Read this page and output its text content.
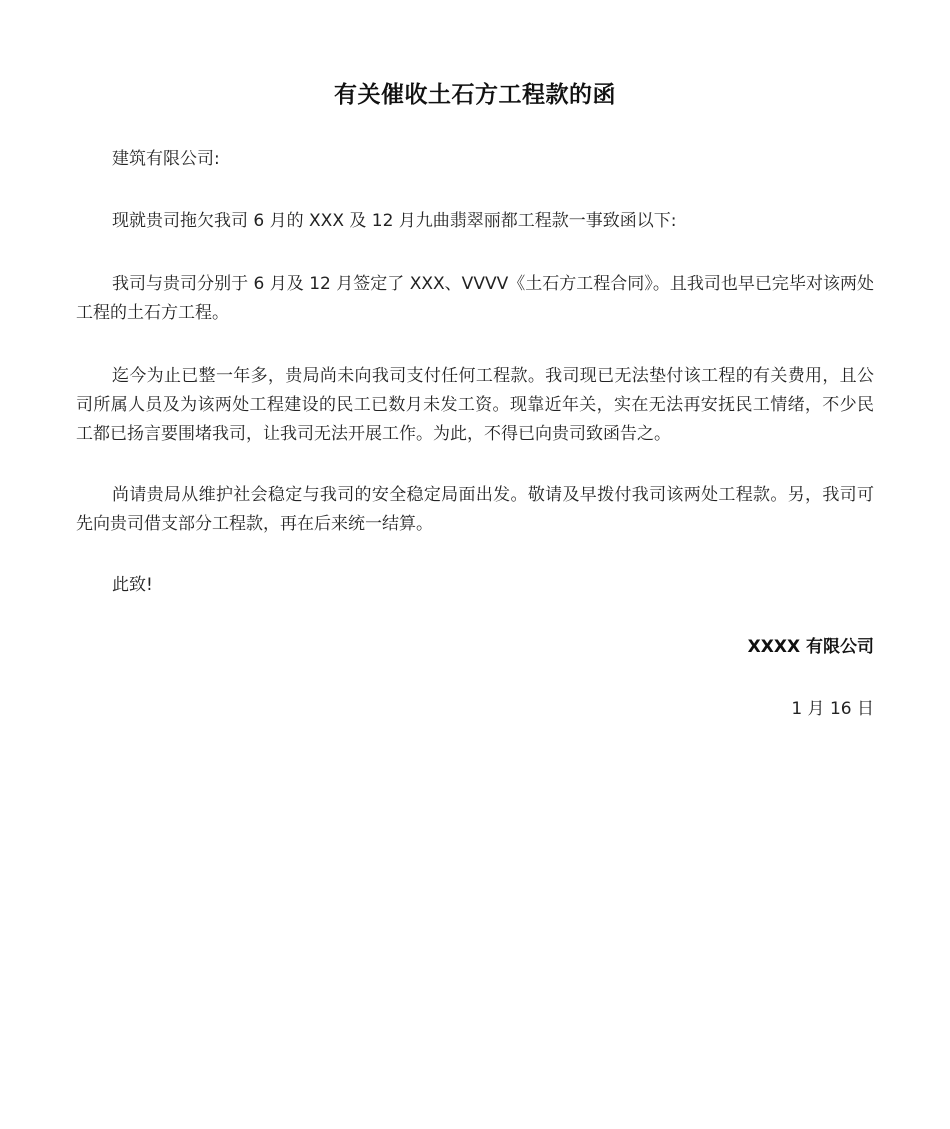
有关催收土石方工程款的函

建筑有限公司:

现就贵司拖欠我司 6 月的 XXX 及 12 月九曲翡翠丽都工程款一事致函以下:

我司与贵司分别于 6 月及 12 月签定了 XXX、VVVV《土石方工程合同》。且我司也早已完毕对该两处工程的土石方工程。

迄今为止已整一年多，贵局尚未向我司支付任何工程款。我司现已无法垫付该工程的有关费用，且公司所属人员及为该两处工程建设的民工已数月未发工资。现靠近年关，实在无法再安抚民工情绪，不少民工都已扬言要围堵我司，让我司无法开展工作。为此，不得已向贵司致函告之。

尚请贵局从维护社会稳定与我司的安全稳定局面出发。敬请及早拨付我司该两处工程款。另，我司可先向贵司借支部分工程款，再在后来统一结算。

此致!

XXXX 有限公司
1 月 16 日
